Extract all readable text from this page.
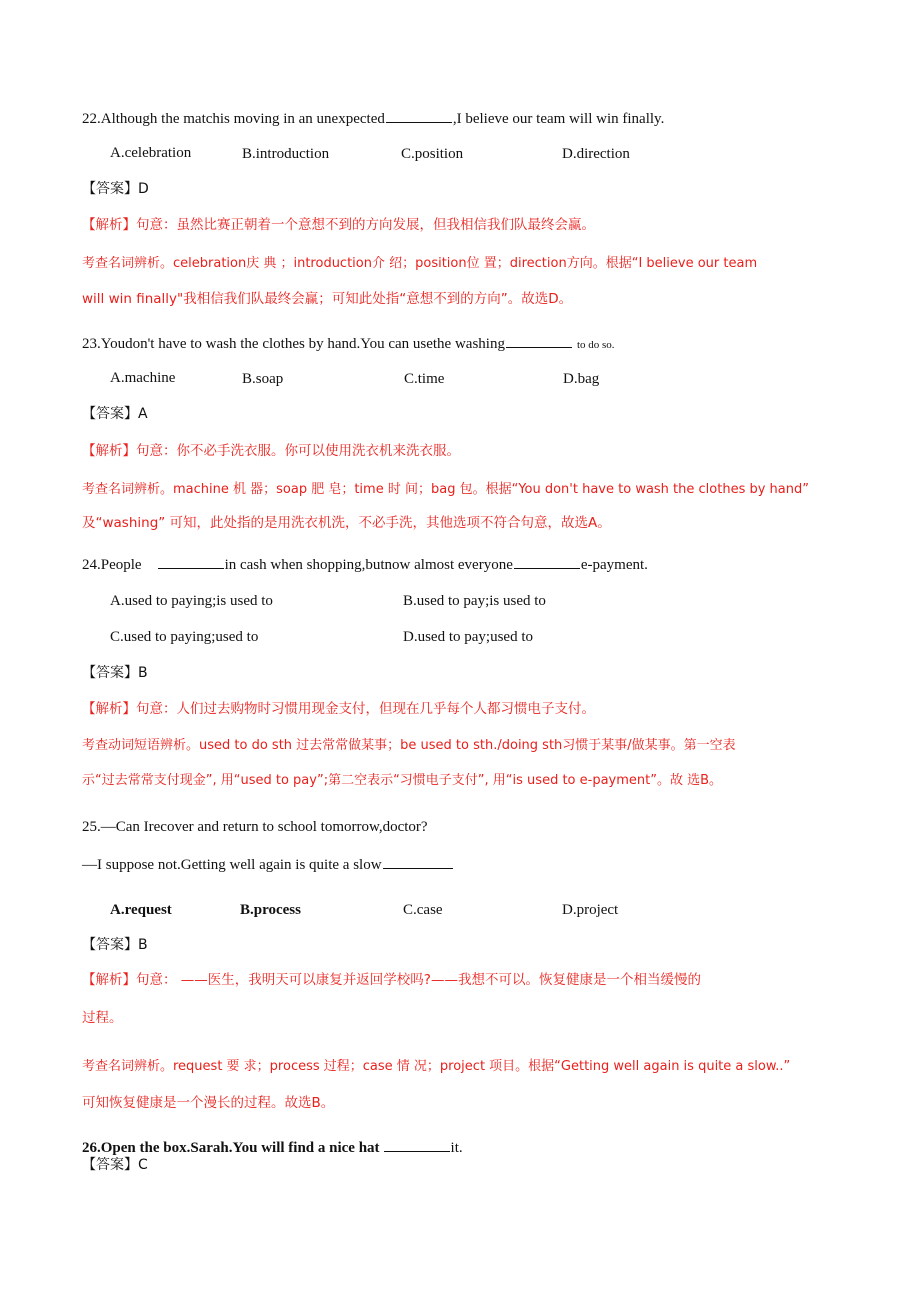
22.Although the matchis moving in an unexpected	,I believe our team will win finally.
A.celebration	B.introduction	C.position	D.direction
【答案】D
【解析】句意：虽然比赛正朝着一个意想不到的方向发展，但我相信我们队最终会赢。
考查名词辨析。celebration庆 典 ；introduction介 绍；position位 置；direction方向。根据“I believe our team
will win finally"我相信我们队最终会赢；可知此处指“意想不到的方向”。故选D。
23.Youdon't have to wash the clothes by hand.You can usethe washing	to do so.
A.machine	B.soap	C.time	D.bag
【答案】A
【解析】句意：你不必手洗衣服。你可以使用洗衣机来洗衣服。
考查名词辨析。machine 机 器；soap 肥 皂；time 时 间；bag 包。根据“You don't have to wash the clothes by hand”
及“washing” 可知，此处指的是用洗衣机洗，不必手洗，其他选项不符合句意，故选A。
24.People	in cash when shopping,butnow almost everyone	e-payment.
A.used to paying;is used to	B.used to pay;is used to
C.used to paying;used to	D.used to pay;used to
【答案】B
【解析】句意：人们过去购物时习惯用现金支付，但现在几乎每个人都习惯电子支付。
考查动词短语辨析。used to do sth 过去常常做某事；be used to sth./doing sth习惯于某事/做某事。第一空表
示“过去常常支付现金”, 用“used to pay”;第二空表示“习惯电子支付”, 用“is used to e-payment”。故 选B。
25.—Can Irecover and return to school tomorrow,doctor?
—I suppose not.Getting well again is quite a slow
A.request	B.process	C.case	D.project
【答案】B
【解析】句意： ——医生，我明天可以康复并返回学校吗?——我想不可以。恢复健康是一个相当缓慢的
过程。
考查名词辨析。request 要 求；process 过程；case 情 况；project 项目。根据“Getting well again is quite a slow..”
可知恢复健康是一个漫长的过程。故选B。
26.Open the box.Sarah.You will find a nice hat	it.
【答案】C
